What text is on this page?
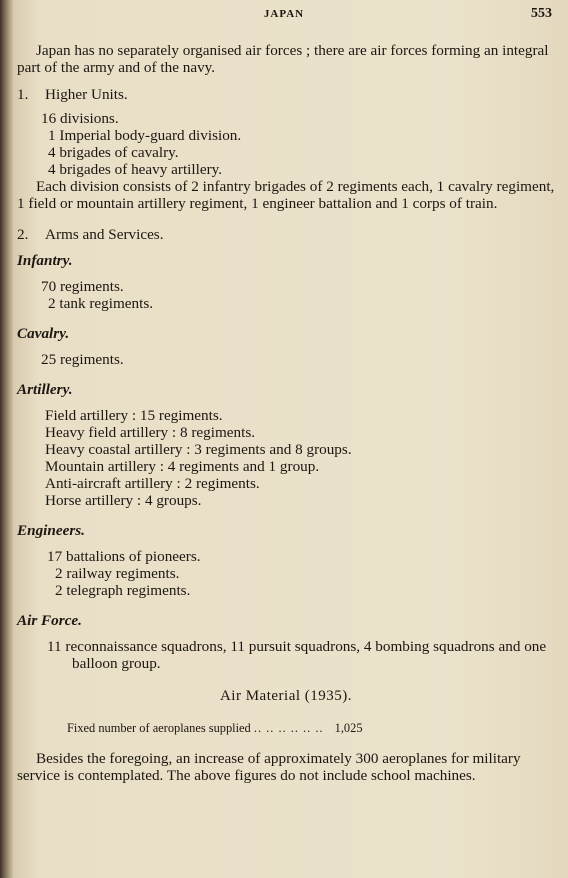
JAPAN	553

Japan has no separately organised air forces ; there are air forces forming an integral part of the army and of the navy.

1. Higher Units.

16 divisions.

1 Imperial body-guard division.

4 brigades of cavalry.

4 brigades of heavy artillery.

Each division consists of 2 infantry brigades of 2 regiments each, 1 cavalry regiment, 1 field or mountain artillery regiment, 1 engineer battalion and 1 corps of train.

2. Arms and Services.

Infantry.

70 regiments.

2 tank regiments.

Cavalry.

25 regiments.

Artillery.

Field artillery : 15 regiments.

Heavy field artillery : 8 regiments.

Heavy coastal artillery : 3 regiments and 8 groups.

Mountain artillery : 4 regiments and 1 group.

Anti-aircraft artillery : 2 regiments.

Horse artillery : 4 groups.

Engineers.

17 battalions of pioneers.

2 railway regiments.

2 telegraph regiments.

Air Force.

11 reconnaissance squadrons, 11 pursuit squadrons, 4 bombing squadrons and one balloon group.

Air Material (1935).

Fixed number of aeroplanes supplied .. .. .. .. .. .. 1,025

Besides the foregoing, an increase of approximately 300 aeroplanes for military service is contemplated. The above figures do not include school machines.
